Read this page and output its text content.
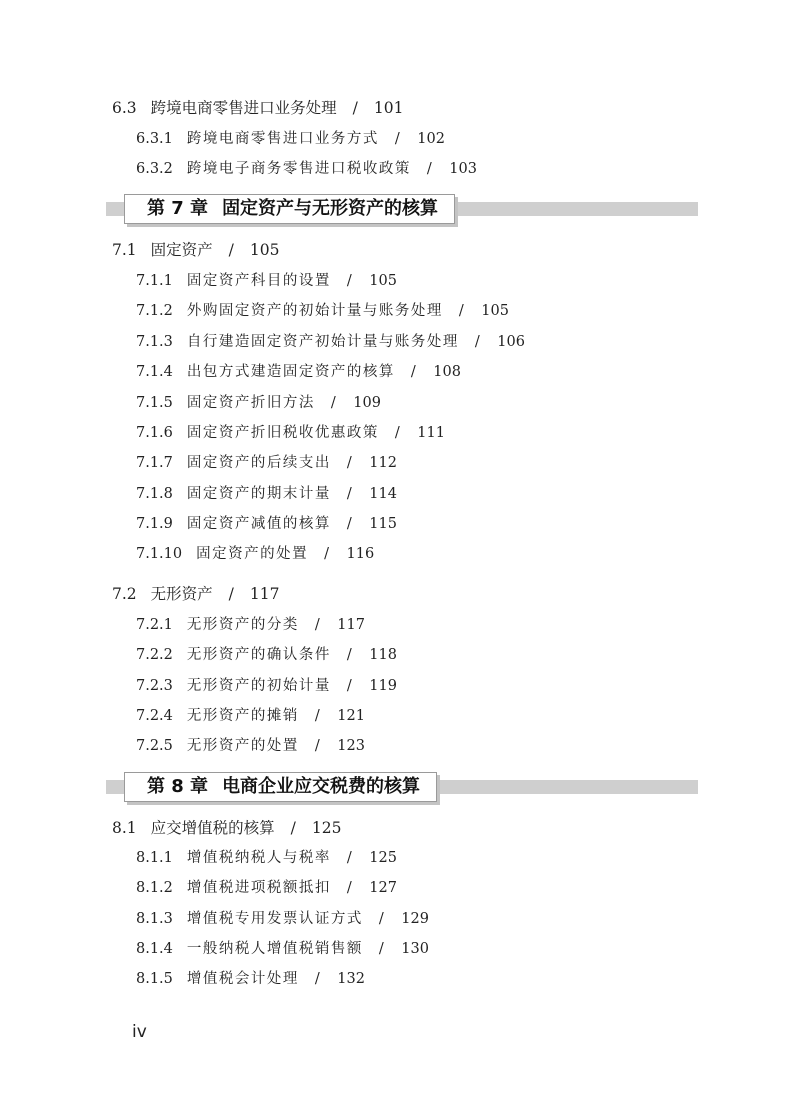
6.3 跨境电商零售进口业务处理 / 101
6.3.1 跨境电商零售进口业务方式 / 102
6.3.2 跨境电子商务零售进口税收政策 / 103
第 7 章 固定资产与无形资产的核算
7.1 固定资产 / 105
7.1.1 固定资产科目的设置 / 105
7.1.2 外购固定资产的初始计量与账务处理 / 105
7.1.3 自行建造固定资产初始计量与账务处理 / 106
7.1.4 出包方式建造固定资产的核算 / 108
7.1.5 固定资产折旧方法 / 109
7.1.6 固定资产折旧税收优惠政策 / 111
7.1.7 固定资产的后续支出 / 112
7.1.8 固定资产的期末计量 / 114
7.1.9 固定资产减值的核算 / 115
7.1.10 固定资产的处置 / 116
7.2 无形资产 / 117
7.2.1 无形资产的分类 / 117
7.2.2 无形资产的确认条件 / 118
7.2.3 无形资产的初始计量 / 119
7.2.4 无形资产的摊销 / 121
7.2.5 无形资产的处置 / 123
第 8 章 电商企业应交税费的核算
8.1 应交增值税的核算 / 125
8.1.1 增值税纳税人与税率 / 125
8.1.2 增值税进项税额抵扣 / 127
8.1.3 增值税专用发票认证方式 / 129
8.1.4 一般纳税人增值税销售额 / 130
8.1.5 增值税会计处理 / 132
iv
